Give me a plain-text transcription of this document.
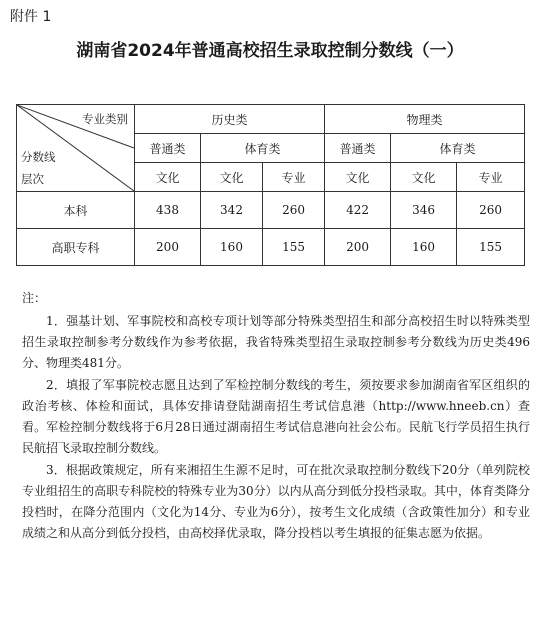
附件 1
湖南省2024年普通高校招生录取控制分数线（一）
专业类别
分数线
层次	历史类			物理类		
	普通类	体育类		普通类	体育类	
	文化	文化	专业	文化	文化	专业
本科	438	342	260	422	346	260
高职专科	200	160	155	200	160	155
注：

1．强基计划、军事院校和高校专项计划等部分特殊类型招生和部分高校招生时以特殊类型招生录取控制参考分数线作为参考依据，我省特殊类型招生录取控制参考分数线为历史类496分、物理类481分。

2．填报了军事院校志愿且达到了军检控制分数线的考生，须按要求参加湖南省军区组织的政治考核、体检和面试，具体安排请登陆湖南招生考试信息港（http://www.hneeb.cn）查看。军检控制分数线将于6月28日通过湖南招生考试信息港向社会公布。民航飞行学员招生执行民航招飞录取控制分数线。

3．根据政策规定，所有来湘招生生源不足时，可在批次录取控制分数线下20分（单列院校专业组招生的高职专科院校的特殊专业为30分）以内从高分到低分投档录取。其中，体育类降分投档时，在降分范围内（文化为14分、专业为6分），按考生文化成绩（含政策性加分）和专业成绩之和从高分到低分投档，由高校择优录取，降分投档以考生填报的征集志愿为依据。
